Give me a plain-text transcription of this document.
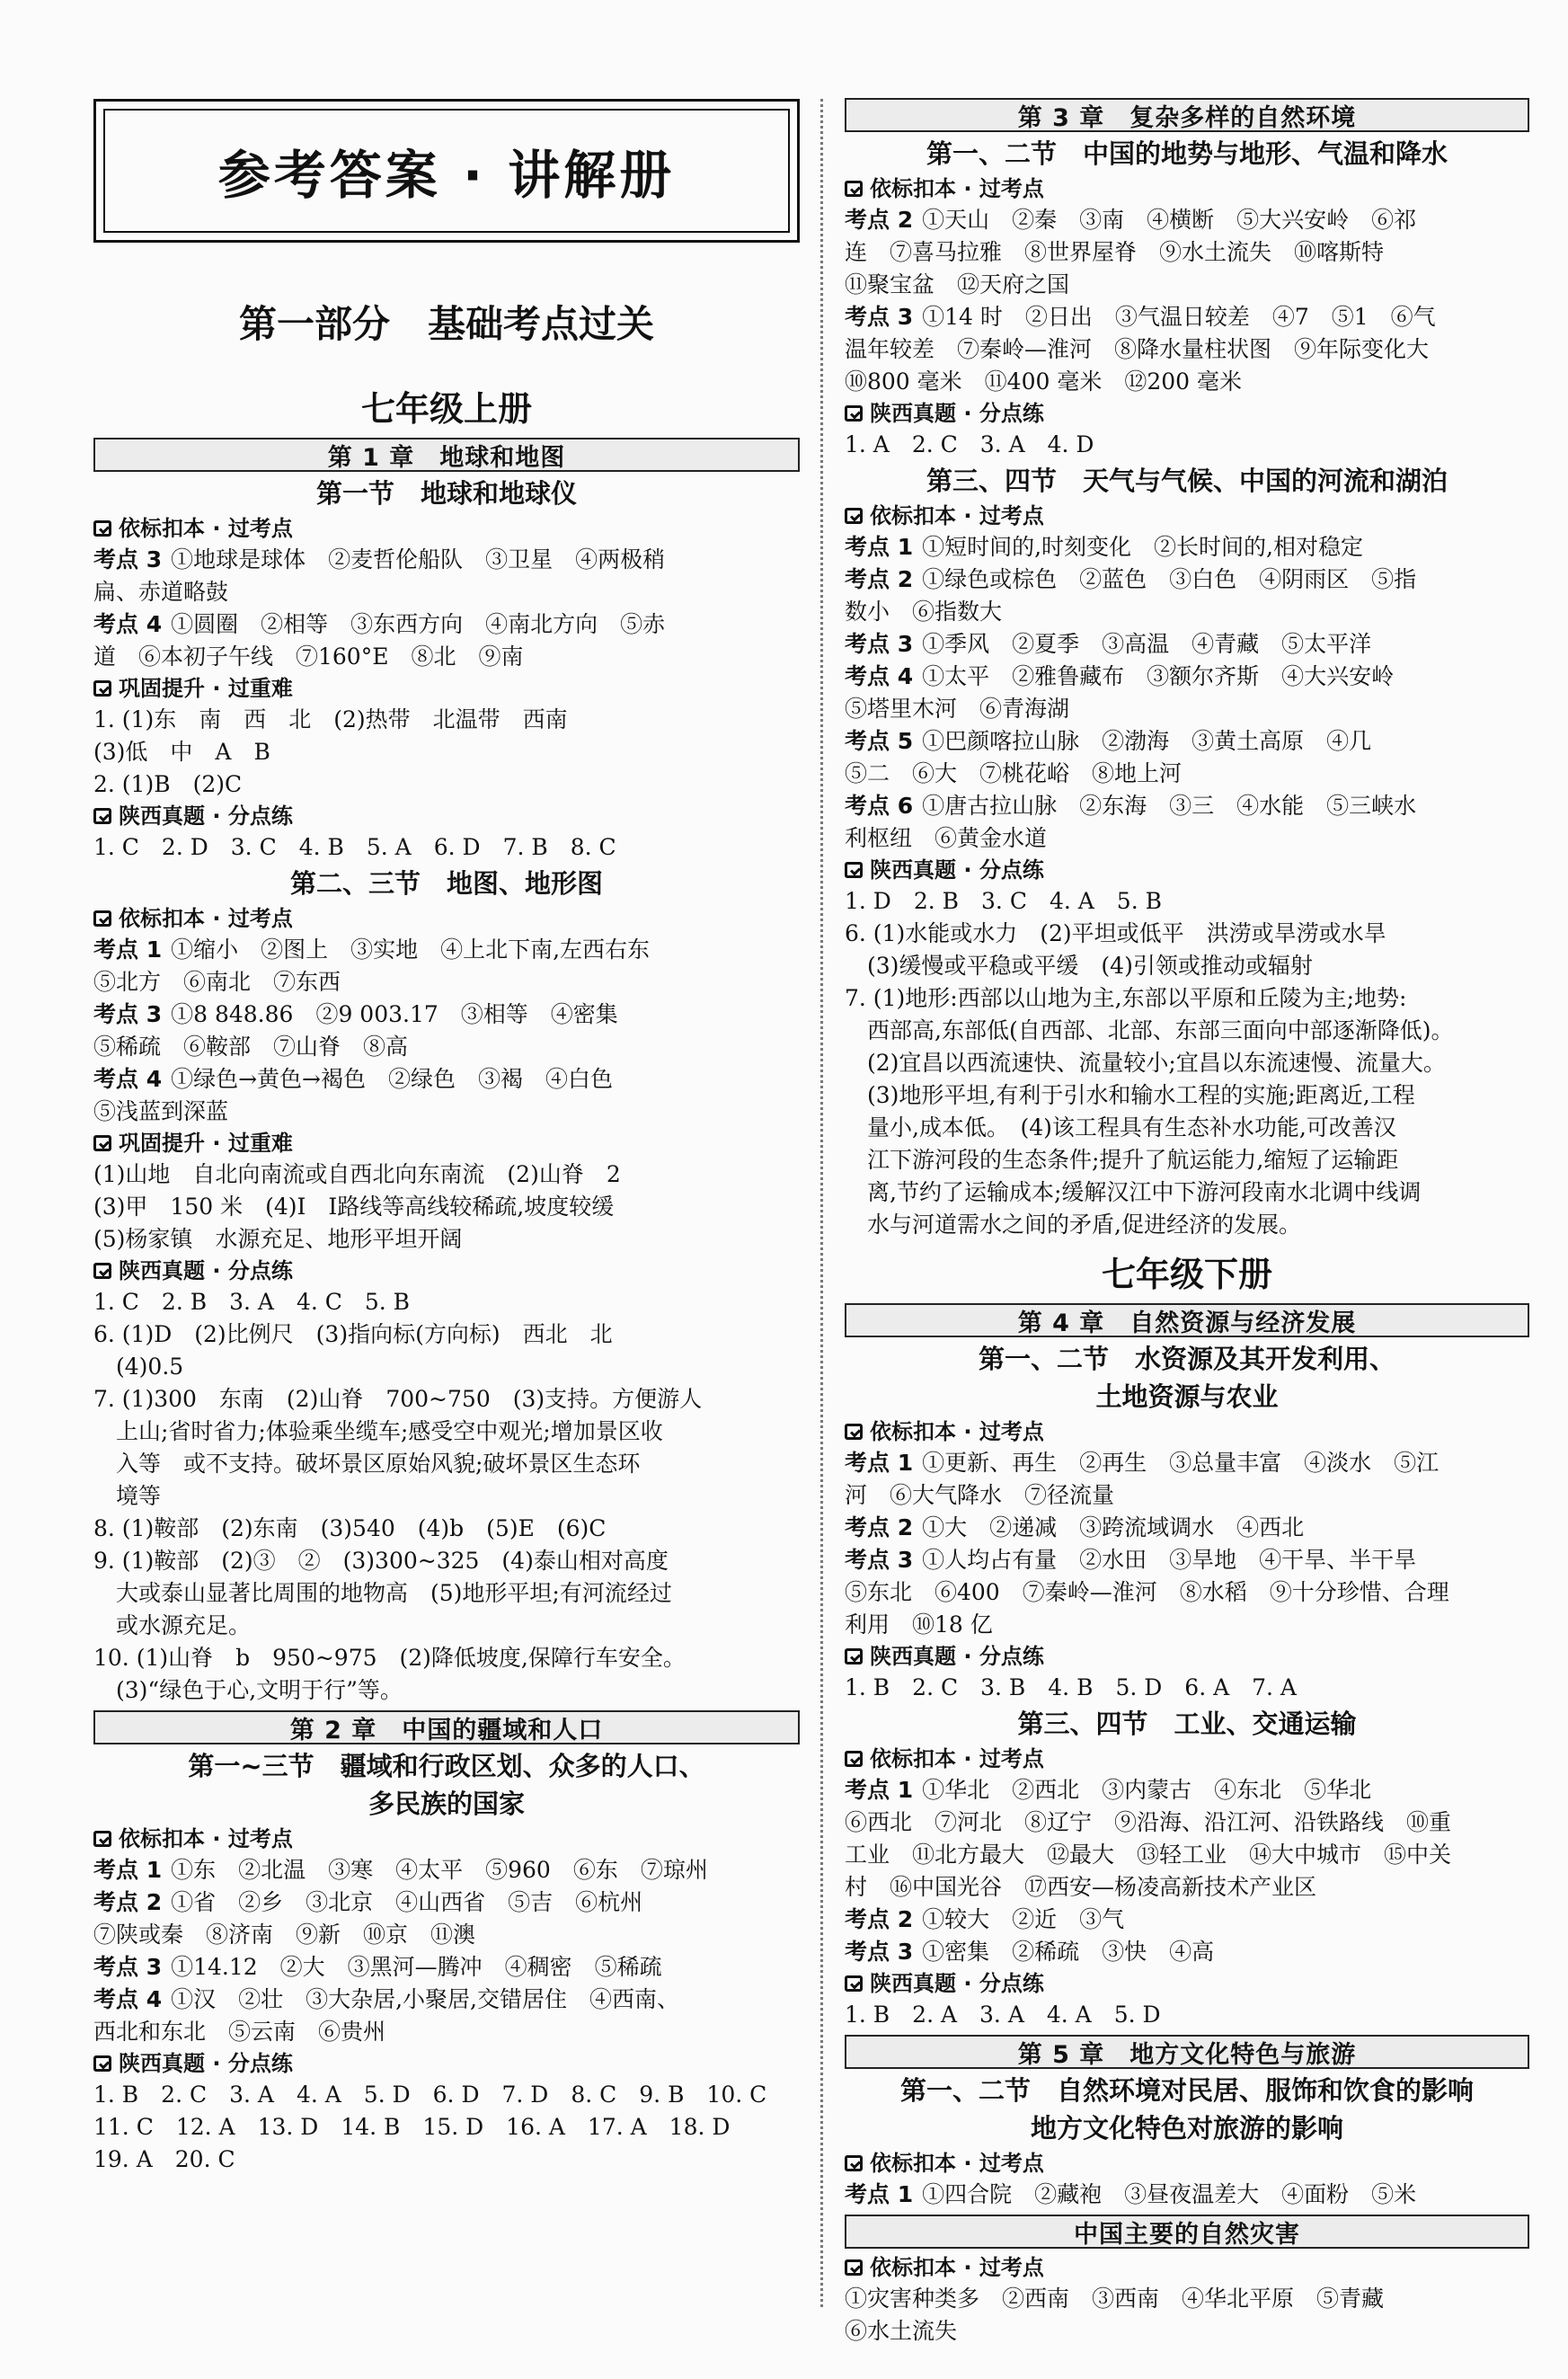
参考答案 · 讲解册
第一部分　基础考点过关
七年级上册
第 1 章　地球和地图
第一节　地球和地球仪
依标扣本 · 过考点
考点 3 ①地球是球体　②麦哲伦船队　③卫星　④两极稍
扁、赤道略鼓
考点 4 ①圆圈　②相等　③东西方向　④南北方向　⑤赤
道　⑥本初子午线　⑦160°E　⑧北　⑨南
巩固提升 · 过重难
1. (1)东　南　西　北　(2)热带　北温带　西南
(3)低　中　A　B
2. (1)B　(2)C
陕西真题 · 分点练
1. C　2. D　3. C　4. B　5. A　6. D　7. B　8. C
第二、三节　地图、地形图
依标扣本 · 过考点
考点 1 ①缩小　②图上　③实地　④上北下南,左西右东
⑤北方　⑥南北　⑦东西
考点 3 ①8 848.86　②9 003.17　③相等　④密集
⑤稀疏　⑥鞍部　⑦山脊　⑧高
考点 4 ①绿色→黄色→褐色　②绿色　③褐　④白色
⑤浅蓝到深蓝
巩固提升 · 过重难
(1)山地　自北向南流或自西北向东南流　(2)山脊　2
(3)甲　150 米　(4)Ⅰ　Ⅰ路线等高线较稀疏,坡度较缓
(5)杨家镇　水源充足、地形平坦开阔
陕西真题 · 分点练
1. C　2. B　3. A　4. C　5. B
6. (1)D　(2)比例尺　(3)指向标(方向标)　西北　北
　(4)0.5
7. (1)300　东南　(2)山脊　700~750　(3)支持。方便游人
　上山;省时省力;体验乘坐缆车;感受空中观光;增加景区收
　入等　或不支持。破坏景区原始风貌;破坏景区生态环
　境等
8. (1)鞍部　(2)东南　(3)540　(4)b　(5)E　(6)C
9. (1)鞍部　(2)③　②　(3)300~325　(4)泰山相对高度
　大或泰山显著比周围的地物高　(5)地形平坦;有河流经过
　或水源充足。
10. (1)山脊　b　950~975　(2)降低坡度,保障行车安全。
　(3)“绿色于心,文明于行”等。
第 2 章　中国的疆域和人口
第一~三节　疆域和行政区划、众多的人口、
多民族的国家
依标扣本 · 过考点
考点 1 ①东　②北温　③寒　④太平　⑤960　⑥东　⑦琼州
考点 2 ①省　②乡　③北京　④山西省　⑤吉　⑥杭州
⑦陕或秦　⑧济南　⑨新　⑩京　⑪澳
考点 3 ①14.12　②大　③黑河—腾冲　④稠密　⑤稀疏
考点 4 ①汉　②壮　③大杂居,小聚居,交错居住　④西南、
西北和东北　⑤云南　⑥贵州
陕西真题 · 分点练
1. B　2. C　3. A　4. A　5. D　6. D　7. D　8. C　9. B　10. C
11. C　12. A　13. D　14. B　15. D　16. A　17. A　18. D
19. A　20. C
第 3 章　复杂多样的自然环境
第一、二节　中国的地势与地形、气温和降水
依标扣本 · 过考点
考点 2 ①天山　②秦　③南　④横断　⑤大兴安岭　⑥祁
连　⑦喜马拉雅　⑧世界屋脊　⑨水土流失　⑩喀斯特
⑪聚宝盆　⑫天府之国
考点 3 ①14 时　②日出　③气温日较差　④7　⑤1　⑥气
温年较差　⑦秦岭—淮河　⑧降水量柱状图　⑨年际变化大
⑩800 毫米　⑪400 毫米　⑫200 毫米
陕西真题 · 分点练
1. A　2. C　3. A　4. D
第三、四节　天气与气候、中国的河流和湖泊
依标扣本 · 过考点
考点 1 ①短时间的,时刻变化　②长时间的,相对稳定
考点 2 ①绿色或棕色　②蓝色　③白色　④阴雨区　⑤指
数小　⑥指数大
考点 3 ①季风　②夏季　③高温　④青藏　⑤太平洋
考点 4 ①太平　②雅鲁藏布　③额尔齐斯　④大兴安岭
⑤塔里木河　⑥青海湖
考点 5 ①巴颜喀拉山脉　②渤海　③黄土高原　④几
⑤二　⑥大　⑦桃花峪　⑧地上河
考点 6 ①唐古拉山脉　②东海　③三　④水能　⑤三峡水
利枢纽　⑥黄金水道
陕西真题 · 分点练
1. D　2. B　3. C　4. A　5. B
6. (1)水能或水力　(2)平坦或低平　洪涝或旱涝或水旱
　(3)缓慢或平稳或平缓　(4)引领或推动或辐射
7. (1)地形:西部以山地为主,东部以平原和丘陵为主;地势:
　西部高,东部低(自西部、北部、东部三面向中部逐渐降低)。
　(2)宜昌以西流速快、流量较小;宜昌以东流速慢、流量大。
　(3)地形平坦,有利于引水和输水工程的实施;距离近,工程
　量小,成本低。　(4)该工程具有生态补水功能,可改善汉
　江下游河段的生态条件;提升了航运能力,缩短了运输距
　离,节约了运输成本;缓解汉江中下游河段南水北调中线调
　水与河道需水之间的矛盾,促进经济的发展。
七年级下册
第 4 章　自然资源与经济发展
第一、二节　水资源及其开发利用、
土地资源与农业
依标扣本 · 过考点
考点 1 ①更新、再生　②再生　③总量丰富　④淡水　⑤江
河　⑥大气降水　⑦径流量
考点 2 ①大　②递减　③跨流域调水　④西北
考点 3 ①人均占有量　②水田　③旱地　④干旱、半干旱
⑤东北　⑥400　⑦秦岭—淮河　⑧水稻　⑨十分珍惜、合理
利用　⑩18 亿
陕西真题 · 分点练
1. B　2. C　3. B　4. B　5. D　6. A　7. A
第三、四节　工业、交通运输
依标扣本 · 过考点
考点 1 ①华北　②西北　③内蒙古　④东北　⑤华北
⑥西北　⑦河北　⑧辽宁　⑨沿海、沿江河、沿铁路线　⑩重
工业　⑪北方最大　⑫最大　⑬轻工业　⑭大中城市　⑮中关
村　⑯中国光谷　⑰西安—杨凌高新技术产业区
考点 2 ①较大　②近　③气
考点 3 ①密集　②稀疏　③快　④高
陕西真题 · 分点练
1. B　2. A　3. A　4. A　5. D
第 5 章　地方文化特色与旅游
第一、二节　自然环境对民居、服饰和饮食的影响
地方文化特色对旅游的影响
依标扣本 · 过考点
考点 1 ①四合院　②藏袍　③昼夜温差大　④面粉　⑤米
中国主要的自然灾害
依标扣本 · 过考点
①灾害种类多　②西南　③西南　④华北平原　⑤青藏
⑥水土流失
